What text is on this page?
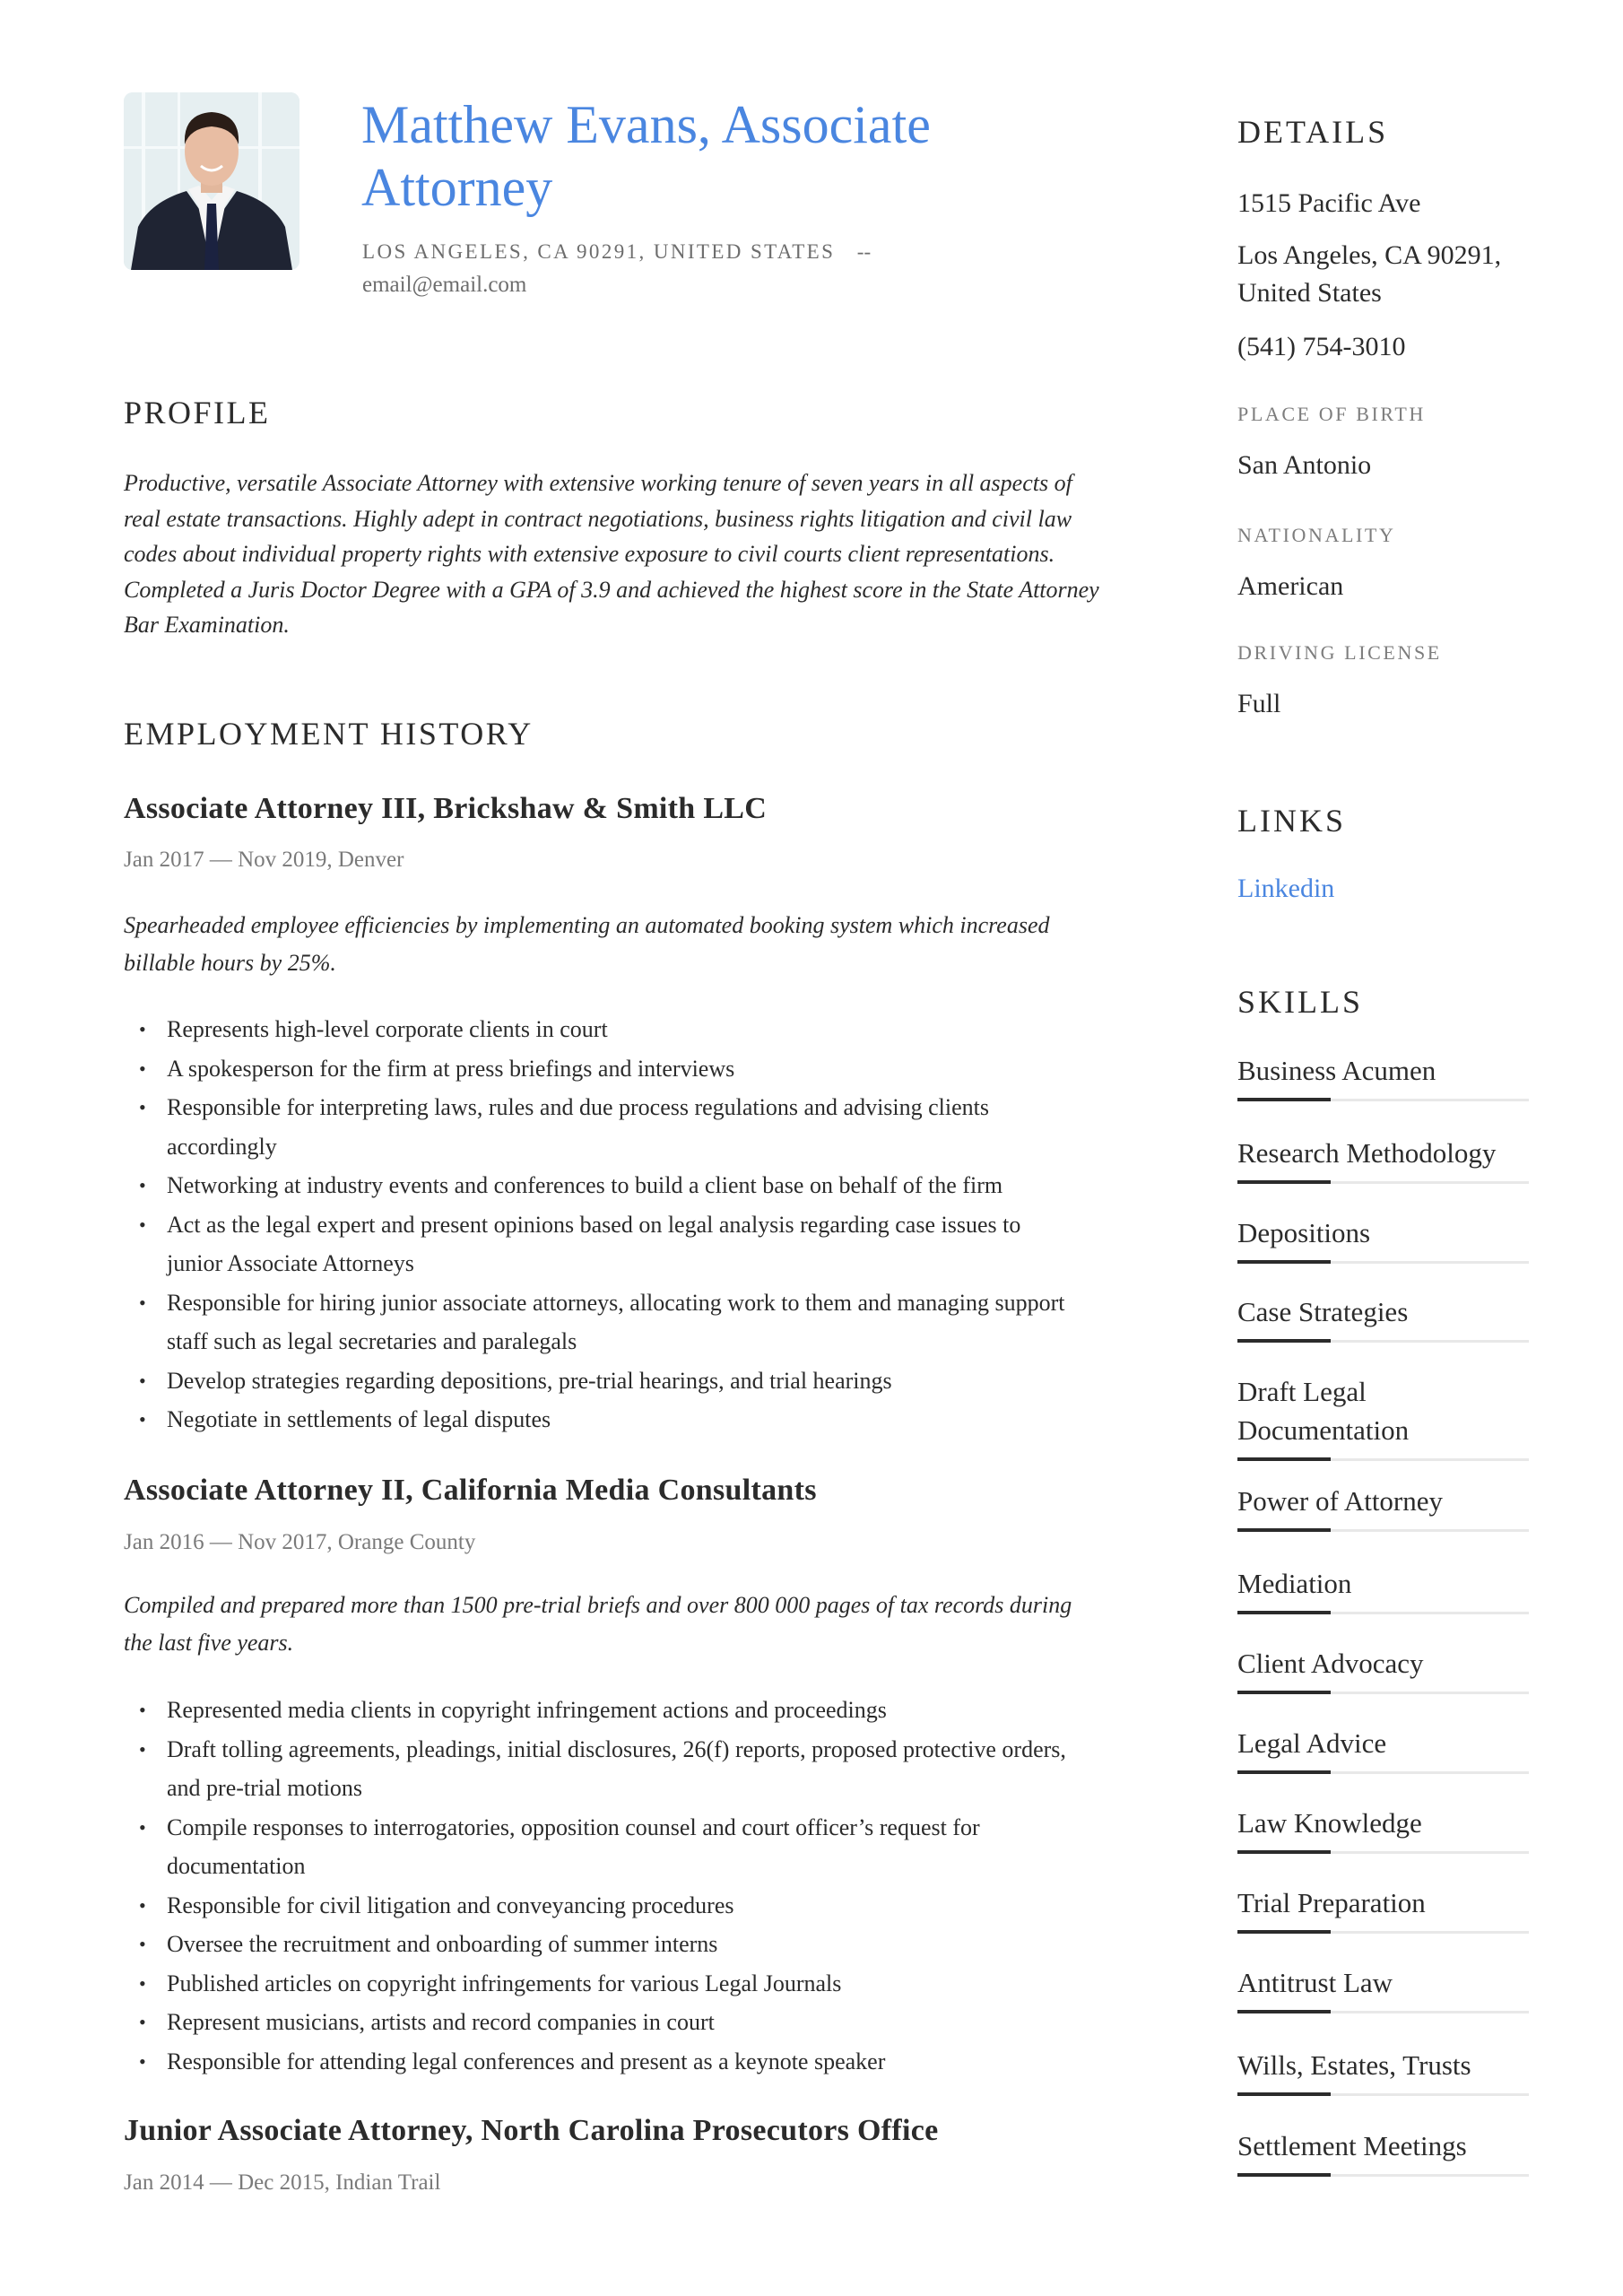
Matthew Evans, Associate Attorney
LOS ANGELES, CA 90291, UNITED STATES --
email@email.com
PROFILE
Productive, versatile Associate Attorney with extensive working tenure of seven years in all aspects of real estate transactions. Highly adept in contract negotiations, business rights litigation and civil law codes about individual property rights with extensive exposure to civil courts client representations. Completed a Juris Doctor Degree with a GPA of 3.9 and achieved the highest score in the State Attorney Bar Examination.
EMPLOYMENT HISTORY
Associate Attorney III, Brickshaw & Smith LLC
Jan 2017 — Nov 2019, Denver
Spearheaded employee efficiencies by implementing an automated booking system which increased billable hours by 25%.
• Represents high-level corporate clients in court
• A spokesperson for the firm at press briefings and interviews
• Responsible for interpreting laws, rules and due process regulations and advising clients accordingly
• Networking at industry events and conferences to build a client base on behalf of the firm
• Act as the legal expert and present opinions based on legal analysis regarding case issues to junior Associate Attorneys
• Responsible for hiring junior associate attorneys, allocating work to them and managing support staff such as legal secretaries and paralegals
• Develop strategies regarding depositions, pre-trial hearings, and trial hearings
• Negotiate in settlements of legal disputes
Associate Attorney II, California Media Consultants
Jan 2016 — Nov 2017, Orange County
Compiled and prepared more than 1500 pre-trial briefs and over 800 000 pages of tax records during the last five years.
• Represented media clients in copyright infringement actions and proceedings
• Draft tolling agreements, pleadings, initial disclosures, 26(f) reports, proposed protective orders, and pre-trial motions
• Compile responses to interrogatories, opposition counsel and court officer’s request for documentation
• Responsible for civil litigation and conveyancing procedures
• Oversee the recruitment and onboarding of summer interns
• Published articles on copyright infringements for various Legal Journals
• Represent musicians, artists and record companies in court
• Responsible for attending legal conferences and present as a keynote speaker
Junior Associate Attorney, North Carolina Prosecutors Office
Jan 2014 — Dec 2015, Indian Trail
DETAILS
1515 Pacific Ave
Los Angeles, CA 90291, United States
(541) 754-3010
PLACE OF BIRTH
San Antonio
NATIONALITY
American
DRIVING LICENSE
Full
LINKS
Linkedin
SKILLS
Business Acumen
Research Methodology
Depositions
Case Strategies
Draft Legal Documentation
Power of Attorney
Mediation
Client Advocacy
Legal Advice
Law Knowledge
Trial Preparation
Antitrust Law
Wills, Estates, Trusts
Settlement Meetings
